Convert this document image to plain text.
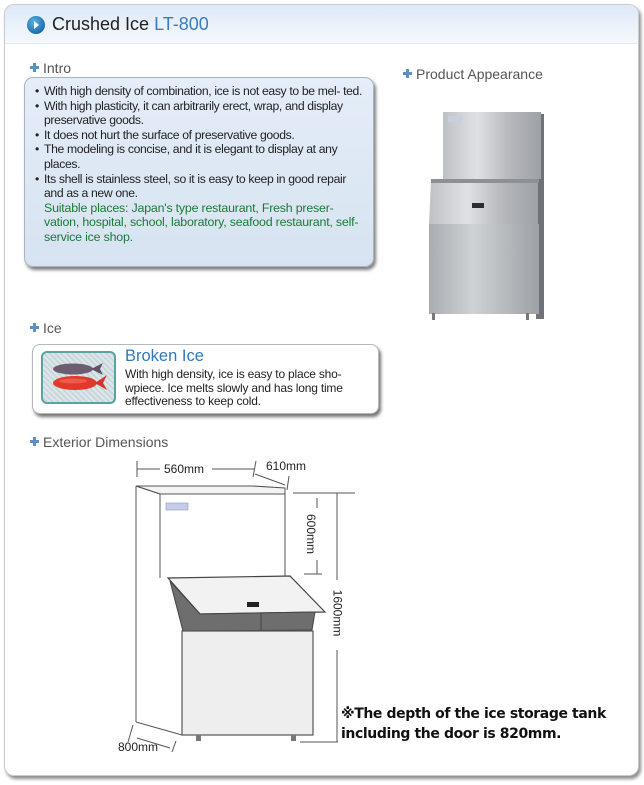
Crushed Ice LT-800
Intro
• With high density of combination, ice is not easy to be mel- ted.
• With high plasticity, it can arbitrarily erect, wrap, and display preservative goods.
• It does not hurt the surface of preservative goods.
• The modeling is concise, and it is elegant to display at any places.
• Its shell is stainless steel, so it is easy to keep in good repair and as a new one.
Suitable places: Japan's type restaurant, Fresh preser- vation, hospital, school, laboratory, seafood restaurant, self-service ice shop.
Product Appearance
Ice
Broken Ice
With high density, ice is easy to place sho- wpiece. Ice melts slowly and has long time effectiveness to keep cold.
Exterior Dimensions
560mm	610mm
600mm
1600mm
800mm
※The depth of the ice storage tank
including the door is 820mm.
